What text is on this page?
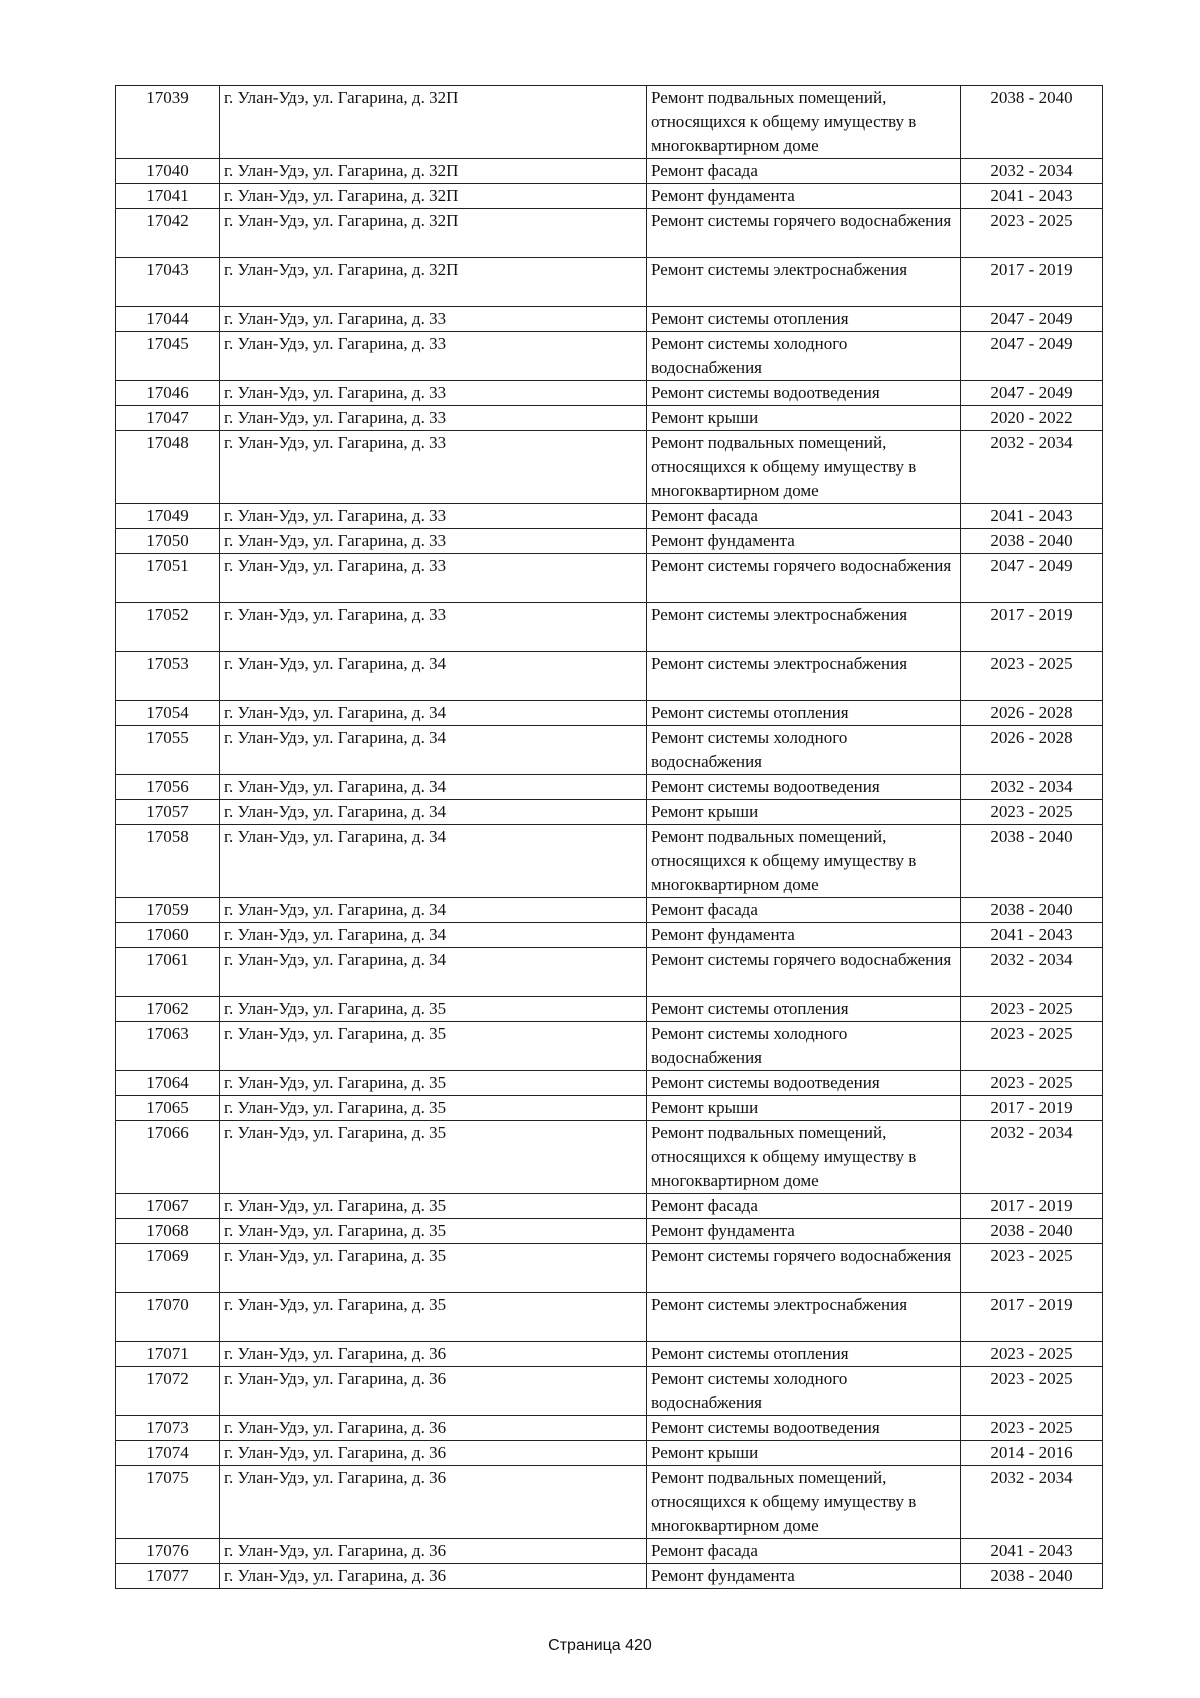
17039	г. Улан-Удэ, ул. Гагарина, д. 32П	Ремонт подвальных помещений, относящихся к общему имуществу в многоквартирном доме	2038 - 2040
17040	г. Улан-Удэ, ул. Гагарина, д. 32П	Ремонт фасада	2032 - 2034
17041	г. Улан-Удэ, ул. Гагарина, д. 32П	Ремонт фундамента	2041 - 2043
17042	г. Улан-Удэ, ул. Гагарина, д. 32П	Ремонт системы горячего водоснабжения	2023 - 2025
17043	г. Улан-Удэ, ул. Гагарина, д. 32П	Ремонт системы электроснабжения	2017 - 2019
17044	г. Улан-Удэ, ул. Гагарина, д. 33	Ремонт системы отопления	2047 - 2049
17045	г. Улан-Удэ, ул. Гагарина, д. 33	Ремонт системы холодного водоснабжения	2047 - 2049
17046	г. Улан-Удэ, ул. Гагарина, д. 33	Ремонт системы водоотведения	2047 - 2049
17047	г. Улан-Удэ, ул. Гагарина, д. 33	Ремонт крыши	2020 - 2022
17048	г. Улан-Удэ, ул. Гагарина, д. 33	Ремонт подвальных помещений, относящихся к общему имуществу в многоквартирном доме	2032 - 2034
17049	г. Улан-Удэ, ул. Гагарина, д. 33	Ремонт фасада	2041 - 2043
17050	г. Улан-Удэ, ул. Гагарина, д. 33	Ремонт фундамента	2038 - 2040
17051	г. Улан-Удэ, ул. Гагарина, д. 33	Ремонт системы горячего водоснабжения	2047 - 2049
17052	г. Улан-Удэ, ул. Гагарина, д. 33	Ремонт системы электроснабжения	2017 - 2019
17053	г. Улан-Удэ, ул. Гагарина, д. 34	Ремонт системы электроснабжения	2023 - 2025
17054	г. Улан-Удэ, ул. Гагарина, д. 34	Ремонт системы отопления	2026 - 2028
17055	г. Улан-Удэ, ул. Гагарина, д. 34	Ремонт системы холодного водоснабжения	2026 - 2028
17056	г. Улан-Удэ, ул. Гагарина, д. 34	Ремонт системы водоотведения	2032 - 2034
17057	г. Улан-Удэ, ул. Гагарина, д. 34	Ремонт крыши	2023 - 2025
17058	г. Улан-Удэ, ул. Гагарина, д. 34	Ремонт подвальных помещений, относящихся к общему имуществу в многоквартирном доме	2038 - 2040
17059	г. Улан-Удэ, ул. Гагарина, д. 34	Ремонт фасада	2038 - 2040
17060	г. Улан-Удэ, ул. Гагарина, д. 34	Ремонт фундамента	2041 - 2043
17061	г. Улан-Удэ, ул. Гагарина, д. 34	Ремонт системы горячего водоснабжения	2032 - 2034
17062	г. Улан-Удэ, ул. Гагарина, д. 35	Ремонт системы отопления	2023 - 2025
17063	г. Улан-Удэ, ул. Гагарина, д. 35	Ремонт системы холодного водоснабжения	2023 - 2025
17064	г. Улан-Удэ, ул. Гагарина, д. 35	Ремонт системы водоотведения	2023 - 2025
17065	г. Улан-Удэ, ул. Гагарина, д. 35	Ремонт крыши	2017 - 2019
17066	г. Улан-Удэ, ул. Гагарина, д. 35	Ремонт подвальных помещений, относящихся к общему имуществу в многоквартирном доме	2032 - 2034
17067	г. Улан-Удэ, ул. Гагарина, д. 35	Ремонт фасада	2017 - 2019
17068	г. Улан-Удэ, ул. Гагарина, д. 35	Ремонт фундамента	2038 - 2040
17069	г. Улан-Удэ, ул. Гагарина, д. 35	Ремонт системы горячего водоснабжения	2023 - 2025
17070	г. Улан-Удэ, ул. Гагарина, д. 35	Ремонт системы электроснабжения	2017 - 2019
17071	г. Улан-Удэ, ул. Гагарина, д. 36	Ремонт системы отопления	2023 - 2025
17072	г. Улан-Удэ, ул. Гагарина, д. 36	Ремонт системы холодного водоснабжения	2023 - 2025
17073	г. Улан-Удэ, ул. Гагарина, д. 36	Ремонт системы водоотведения	2023 - 2025
17074	г. Улан-Удэ, ул. Гагарина, д. 36	Ремонт крыши	2014 - 2016
17075	г. Улан-Удэ, ул. Гагарина, д. 36	Ремонт подвальных помещений, относящихся к общему имуществу в многоквартирном доме	2032 - 2034
17076	г. Улан-Удэ, ул. Гагарина, д. 36	Ремонт фасада	2041 - 2043
17077	г. Улан-Удэ, ул. Гагарина, д. 36	Ремонт фундамента	2038 - 2040
Страница 420
